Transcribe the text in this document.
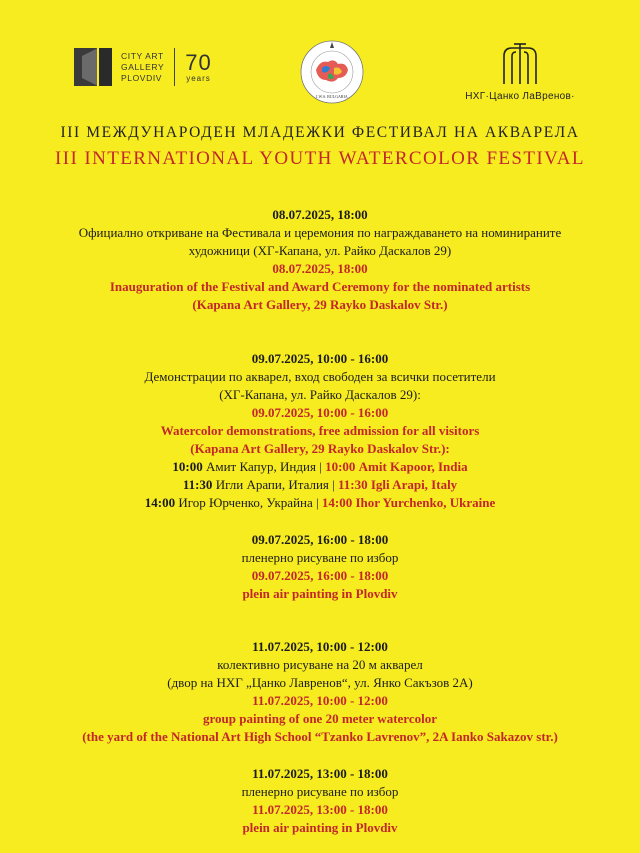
CITY ART
GALLERY
PLOVDIV
70
years
I.W.S. BULGARIA	НХГ·Цанко ЛаВренов·
III МЕЖДУНАРОДЕН МЛАДЕЖКИ ФЕСТИВАЛ НА АКВАРЕЛА
III INTERNATIONAL YOUTH WATERCOLOR FESTIVAL
08.07.2025, 18:00
Официално откриване на Фестивала и церемония по награждаването на номинираните
художници (ХГ-Капана, ул. Райко Даскалов 29)
08.07.2025, 18:00
Inauguration of the Festival and Award Ceremony for the nominated artists
(Kapana Art Gallery, 29 Rayko Daskalov Str.)
09.07.2025, 10:00 - 16:00
Демонстрации по акварел, вход свободен за всички посетители
(ХГ-Капана, ул. Райко Даскалов 29):
09.07.2025, 10:00 - 16:00
Watercolor demonstrations, free admission for all visitors
(Kapana Art Gallery, 29 Rayko Daskalov Str.):
10:00 Амит Капур, Индия | 10:00 Amit Kapoor, India
11:30 Игли Арапи, Италия | 11:30 Igli Arapi, Italy
14:00 Игор Юрченко, Украйна | 14:00 Ihor Yurchenko, Ukraine
09.07.2025, 16:00 - 18:00
пленерно рисуване по избор
09.07.2025, 16:00 - 18:00
plein air painting in Plovdiv
11.07.2025, 10:00 - 12:00
колективно рисуване на 20 м акварел
(двор на НХГ „Цанко Лавренов“, ул. Янко Сакъзов 2А)
11.07.2025, 10:00 - 12:00
group painting of one 20 meter watercolor
(the yard of the National Art High School “Tzanko Lavrenov”, 2A Ianko Sakazov str.)
11.07.2025, 13:00 - 18:00
пленерно рисуване по избор
11.07.2025, 13:00 - 18:00
plein air painting in Plovdiv
